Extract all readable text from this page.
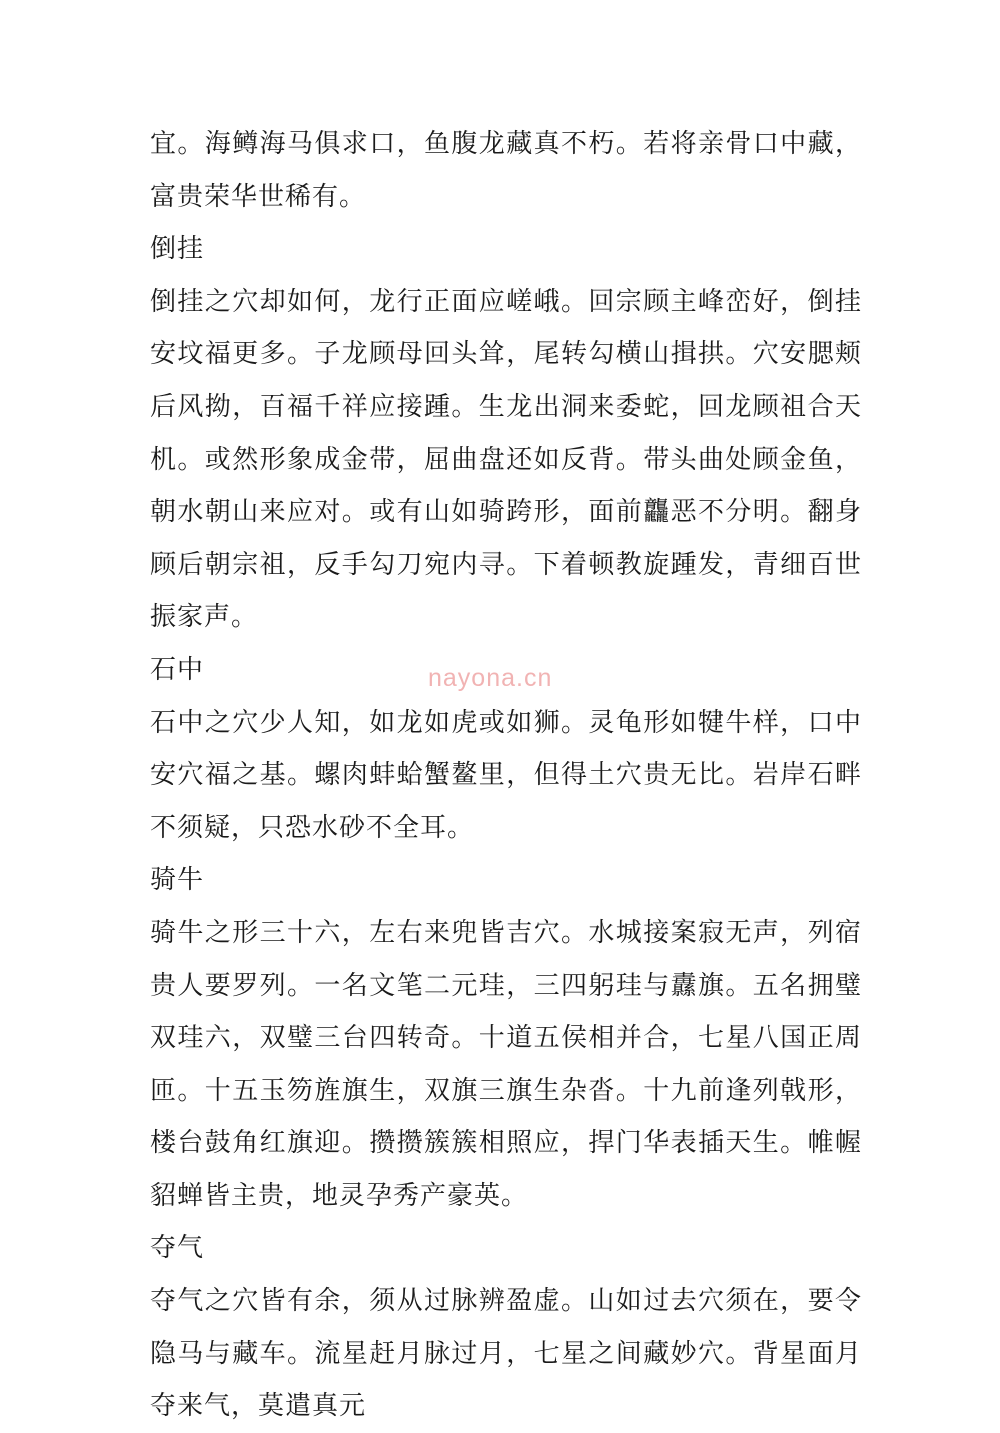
宜。海鳟海马俱求口，鱼腹龙藏真不朽。若将亲骨口中藏，富贵荣华世稀有。

倒挂

倒挂之穴却如何，龙行正面应嵯峨。回宗顾主峰峦好，倒挂安坟福更多。子龙顾母回头耸，尾转勾横山揖拱。穴安腮颊后风拗，百福千祥应接踵。生龙出洞来委蛇，回龙顾祖合天机。或然形象成金带，屈曲盘还如反背。带头曲处顾金鱼，朝水朝山来应对。或有山如骑跨形，面前龘恶不分明。翻身顾后朝宗祖，反手勾刀宛内寻。下着顿教旋踵发，青细百世振家声。

石中

石中之穴少人知，如龙如虎或如狮。灵龟形如犍牛样，口中安穴福之基。螺肉蚌蛤蟹鳌里，但得土穴贵无比。岩岸石畔不须疑，只恐水砂不全耳。

骑牛

骑牛之形三十六，左右来兜皆吉穴。水城接案寂无声，列宿贵人要罗列。一名文笔二元珪，三四躬珪与纛旗。五名拥璧双珪六，双璧三台四转奇。十道五侯相并合，七星八国正周匝。十五玉笏旌旗生，双旗三旗生杂沓。十九前逢列戟形，楼台鼓角红旗迎。攒攒簇簇相照应，捍门华表插天生。帷幄貂蝉皆主贵，地灵孕秀产豪英。

夺气

夺气之穴皆有余，须从过脉辨盈虚。山如过去穴须在，要令隐马与藏车。流星赶月脉过月，七星之间藏妙穴。背星面月夺来气，莫遣真元

nayona.cn
